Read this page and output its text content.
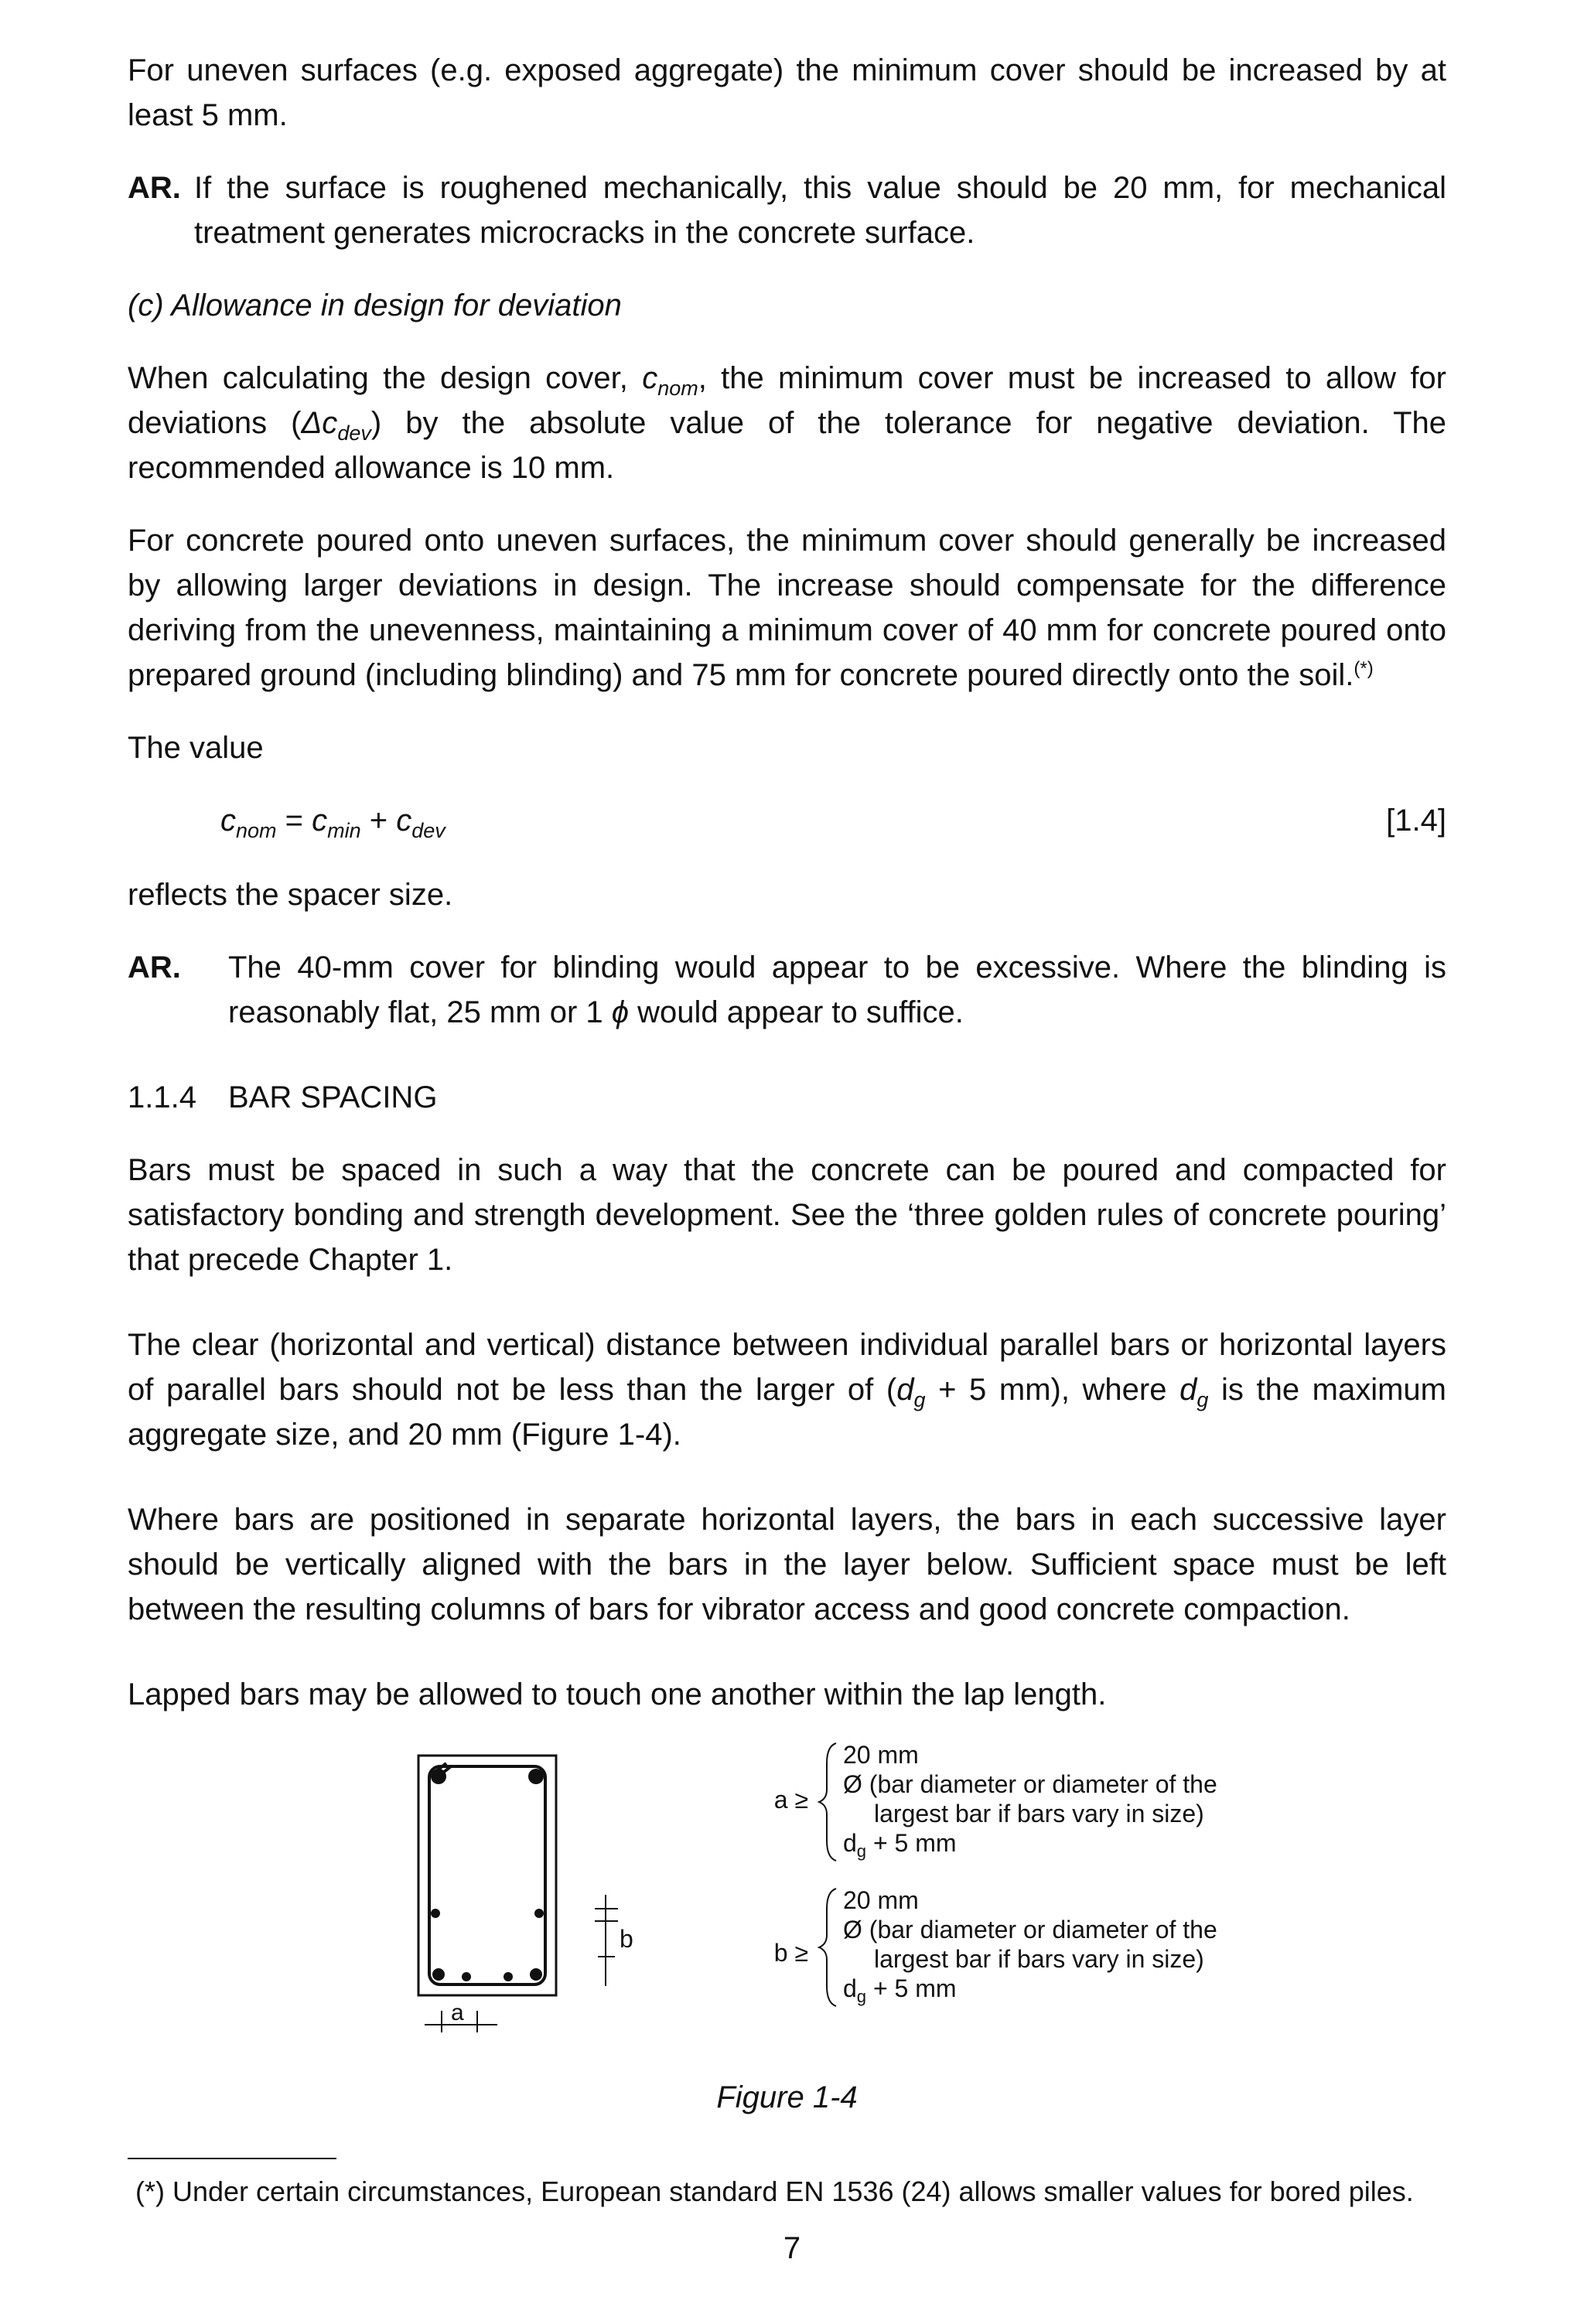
For uneven surfaces (e.g. exposed aggregate) the minimum cover should be increased by at least 5 mm.

AR. If the surface is roughened mechanically, this value should be 20 mm, for mechanical treatment generates microcracks in the concrete surface.

(c) Allowance in design for deviation

When calculating the design cover, $c_{nom}$, the minimum cover must be increased to allow for deviations $(\Delta c_{dev})$ by the absolute value of the tolerance for negative deviation. The recommended allowance is 10 mm.

For concrete poured onto uneven surfaces, the minimum cover should generally be increased by allowing larger deviations in design. The increase should compensate for the difference deriving from the unevenness, maintaining a minimum cover of 40 mm for concrete poured onto prepared ground (including blinding) and 75 mm for concrete poured directly onto the soil.(*)

The value

$c_{nom} = c_{min} + c_{dev}$	[1.4]

reflects the spacer size.

AR.	The 40-mm cover for blinding would appear to be excessive. Where the blinding is reasonably flat, 25 mm or 1 ϕ would appear to suffice.
1.1.4	BAR SPACING

Bars must be spaced in such a way that the concrete can be poured and compacted for satisfactory bonding and strength development. See the ‘three golden rules of concrete pouring’ that precede Chapter 1.

The clear (horizontal and vertical) distance between individual parallel bars or horizontal layers of parallel bars should not be less than the larger of ($d_g + 5$ mm), where $d_g$ is the maximum aggregate size, and 20 mm (Figure 1-4).

Where bars are positioned in separate horizontal layers, the bars in each successive layer should be vertically aligned with the bars in the layer below. Sufficient space must be left between the resulting columns of bars for vibrator access and good concrete compaction.

Lapped bars may be allowed to touch one another within the lap length.

b
a
a ≥
20 mm
Ø (bar diameter or diameter of the
largest bar if bars vary in size)
$d_g + 5$ mm
b ≥
20 mm
Ø (bar diameter or diameter of the
largest bar if bars vary in size)
$d_g + 5$ mm
Figure 1-4
(*) Under certain circumstances, European standard EN 1536 (24) allows smaller values for bored piles.
7
